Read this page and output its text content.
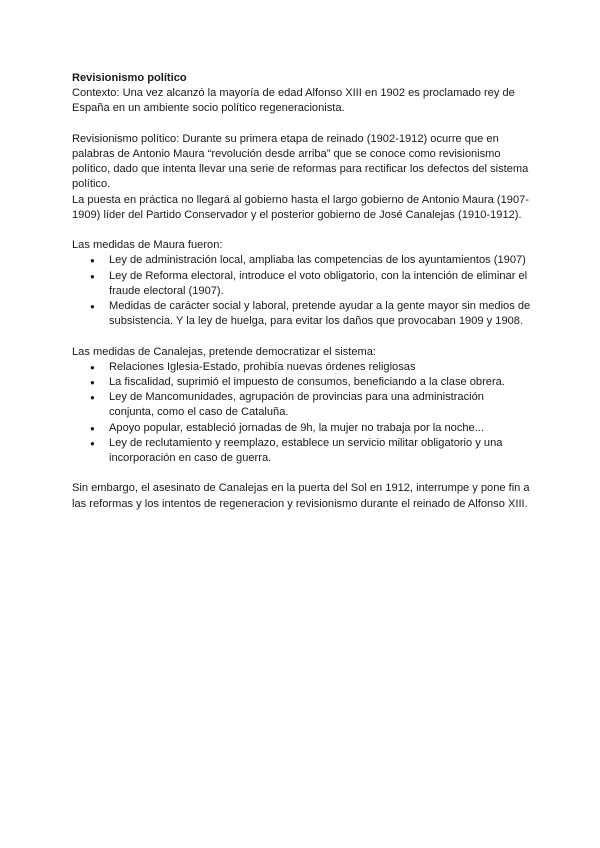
Revisionismo político

Contexto: Una vez alcanzó la mayoría de edad Alfonso XIII en 1902 es proclamado rey de España en un ambiente socio político regeneracionista.

Revisionismo político: Durante su primera etapa de reinado (1902-1912) ocurre que en palabras de Antonio Maura “revolución desde arriba” que se conoce como revisionismo político, dado que intenta llevar una serie de reformas para rectificar los defectos del sistema político.

La puesta en práctica no llegará al gobierno hasta el largo gobierno de Antonio Maura (1907-1909) líder del Partido Conservador y el posterior gobierno de José Canalejas (1910-1912).

Las medidas de Maura fueron:

● Ley de administración local, ampliaba las competencias de los ayuntamientos (1907)
● Ley de Reforma electoral, introduce el voto obligatorio, con la intención de eliminar el fraude electoral (1907).
● Medidas de carácter social y laboral, pretende ayudar a la gente mayor sin medios de subsistencia. Y la ley de huelga, para evitar los daños que provocaban 1909 y 1908.

Las medidas de Canalejas, pretende democratizar el sistema:

● Relaciones Iglesia-Estado, prohibía nuevas órdenes religiosas
● La fiscalidad, suprimió el impuesto de consumos, beneficiando a la clase obrera.
● Ley de Mancomunidades, agrupación de provincias para una administración conjunta, como el caso de Cataluña.
● Apoyo popular, estableció jornadas de 9h, la mujer no trabaja por la noche...
● Ley de reclutamiento y reemplazo, establece un servicio militar obligatorio y una incorporación en caso de guerra.

Sin embargo, el asesinato de Canalejas en la puerta del Sol en 1912, interrumpe y pone fin a las reformas y los intentos de regeneracion y revisionismo durante el reinado de Alfonso XIII.
